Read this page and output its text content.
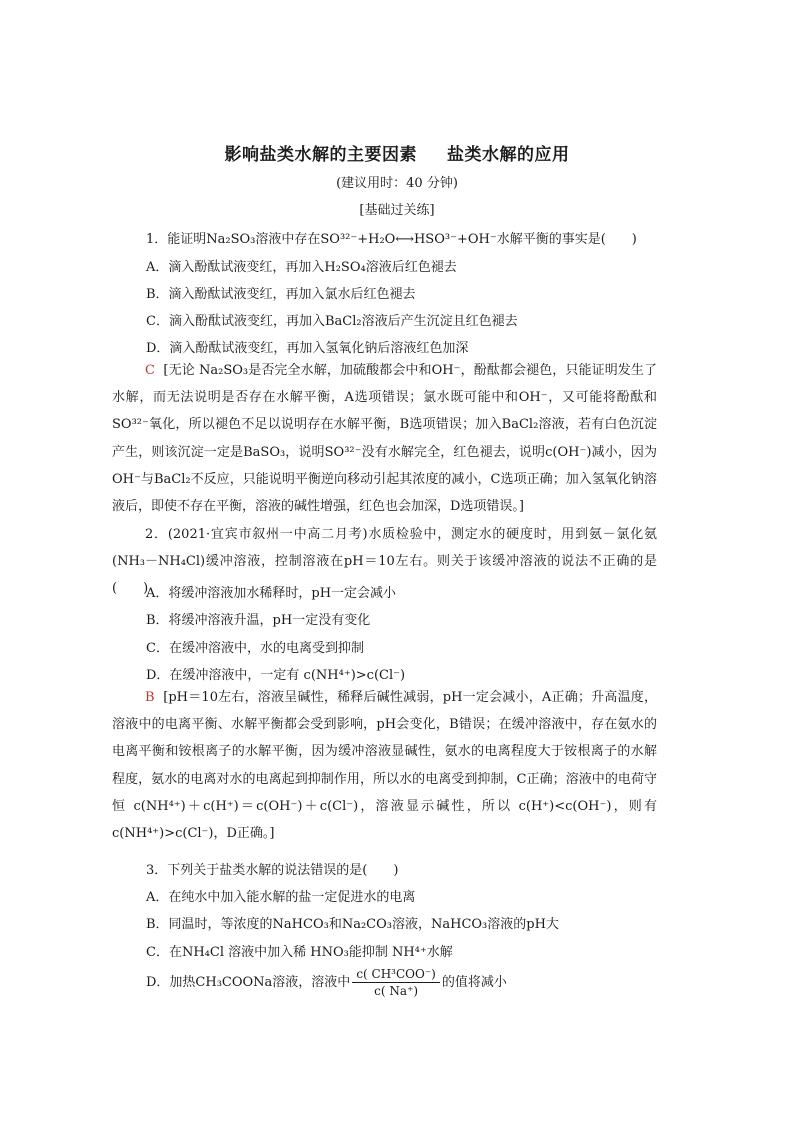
影响盐类水解的主要因素 盐类水解的应用
(建议用时：40 分钟)
[基础过关练]
1．能证明Na₂SO₃溶液中存在SO³²⁻+H₂O⟷HSO³⁻+OH⁻水解平衡的事实是(　　)
A．滴入酚酞试液变红，再加入H₂SO₄溶液后红色褪去
B．滴入酚酞试液变红，再加入氯水后红色褪去
C．滴入酚酞试液变红，再加入BaCl₂溶液后产生沉淀且红色褪去
D．滴入酚酞试液变红，再加入氢氧化钠后溶液红色加深
C [无论 Na₂SO₃是否完全水解，加硫酸都会中和OH⁻，酚酞都会褪色，只能证明发生了水解，而无法说明是否存在水解平衡，A选项错误；氯水既可能中和OH⁻，又可能将酚酞和SO³²⁻氧化，所以褪色不足以说明存在水解平衡，B选项错误；加入BaCl₂溶液，若有白色沉淀产生，则该沉淀一定是BaSO₃，说明SO³²⁻没有水解完全，红色褪去，说明c(OH⁻)减小，因为OH⁻与BaCl₂不反应，只能说明平衡逆向移动引起其浓度的减小，C选项正确；加入氢氧化钠溶液后，即使不存在平衡，溶液的碱性增强，红色也会加深，D选项错误。]
2．(2021·宜宾市叙州一中高二月考)水质检验中，测定水的硬度时，用到氨－氯化氨(NH₃－NH₄Cl)缓冲溶液，控制溶液在pH＝10左右。则关于该缓冲溶液的说法不正确的是(　　)
A．将缓冲溶液加水稀释时，pH一定会减小
B．将缓冲溶液升温，pH一定没有变化
C．在缓冲溶液中，水的电离受到抑制
D．在缓冲溶液中，一定有 c(NH⁴⁺)>c(Cl⁻)
B [pH＝10左右，溶液呈碱性，稀释后碱性减弱，pH一定会减小，A正确；升高温度，溶液中的电离平衡、水解平衡都会受到影响，pH会变化，B错误；在缓冲溶液中，存在氨水的电离平衡和铵根离子的水解平衡，因为缓冲溶液显碱性，氨水的电离程度大于铵根离子的水解程度，氨水的电离对水的电离起到抑制作用，所以水的电离受到抑制，C正确；溶液中的电荷守恒 c(NH⁴⁺)＋c(H⁺)＝c(OH⁻)＋c(Cl⁻)，溶液显示碱性，所以 c(H⁺)<c(OH⁻)，则有 c(NH⁴⁺)>c(Cl⁻)，D正确。]
3．下列关于盐类水解的说法错误的是(　　)
A．在纯水中加入能水解的盐一定促进水的电离
B．同温时，等浓度的NaHCO₃和Na₂CO₃溶液，NaHCO₃溶液的pH大
C．在NH₄Cl 溶液中加入稀 HNO₃能抑制 NH⁴⁺水解
D．加热CH₃COONa溶液，溶液中 $\frac{\text{c( CH³COO⁻)}}{c( Na^+)}$ 的值将减小
